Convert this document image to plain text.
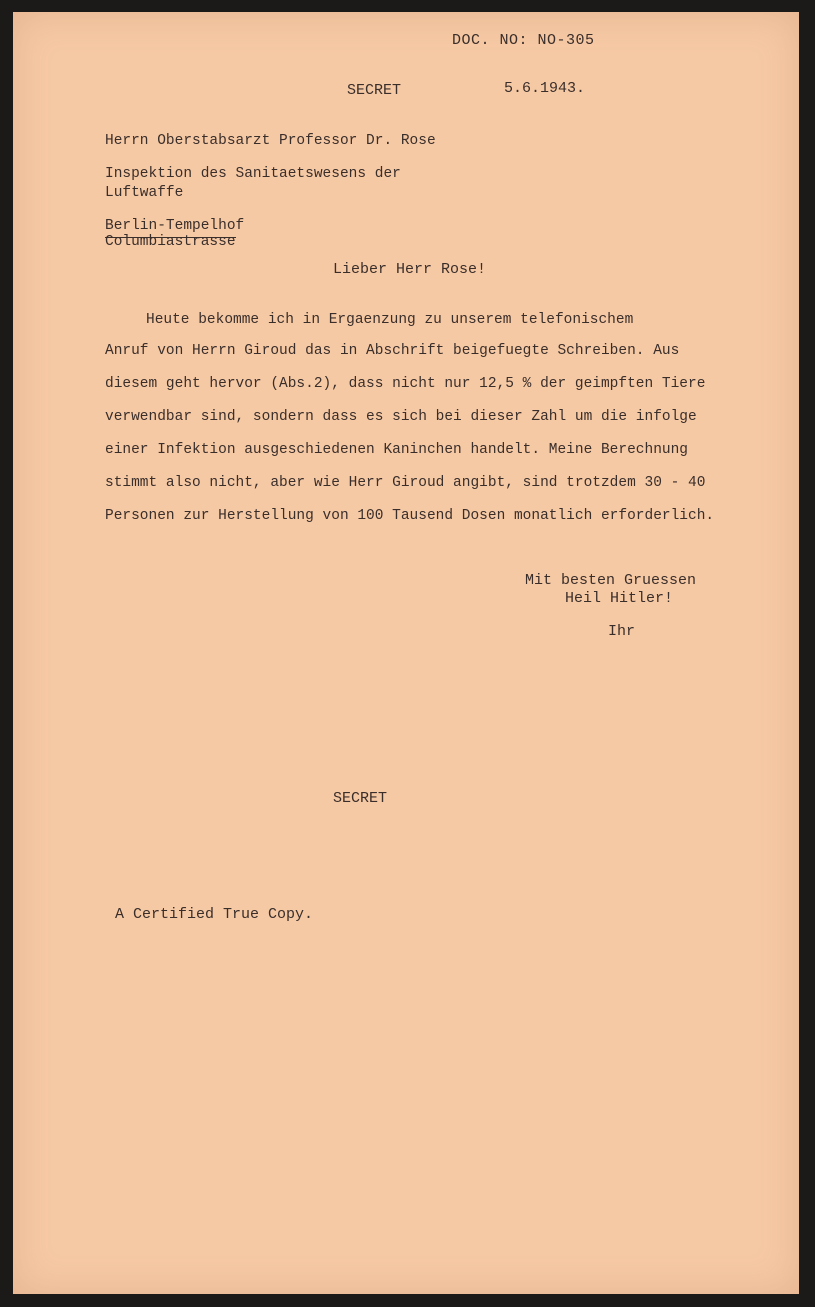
DOC. NO: NO-305
SECRET	5.6.1943.
Herrn Oberstabsarzt Professor Dr. Rose
Inspektion des Sanitaetswesens der
Luftwaffe
Berlin-Tempelhof
Columbiastrasse
Lieber Herr Rose!
Heute bekomme ich in Ergaenzung zu unserem telefonischem
Anruf von Herrn Giroud das in Abschrift beigefuegte Schreiben. Aus
diesem geht hervor (Abs.2), dass nicht nur 12,5 % der geimpften Tiere
verwendbar sind, sondern dass es sich bei dieser Zahl um die infolge
einer Infektion ausgeschiedenen Kaninchen handelt. Meine Berechnung
stimmt also nicht, aber wie Herr Giroud angibt, sind trotzdem 30 - 40
Personen zur Herstellung von 100 Tausend Dosen monatlich erforderlich.
Mit besten Gruessen
Heil Hitler!
Ihr
SECRET
A Certified True Copy.
